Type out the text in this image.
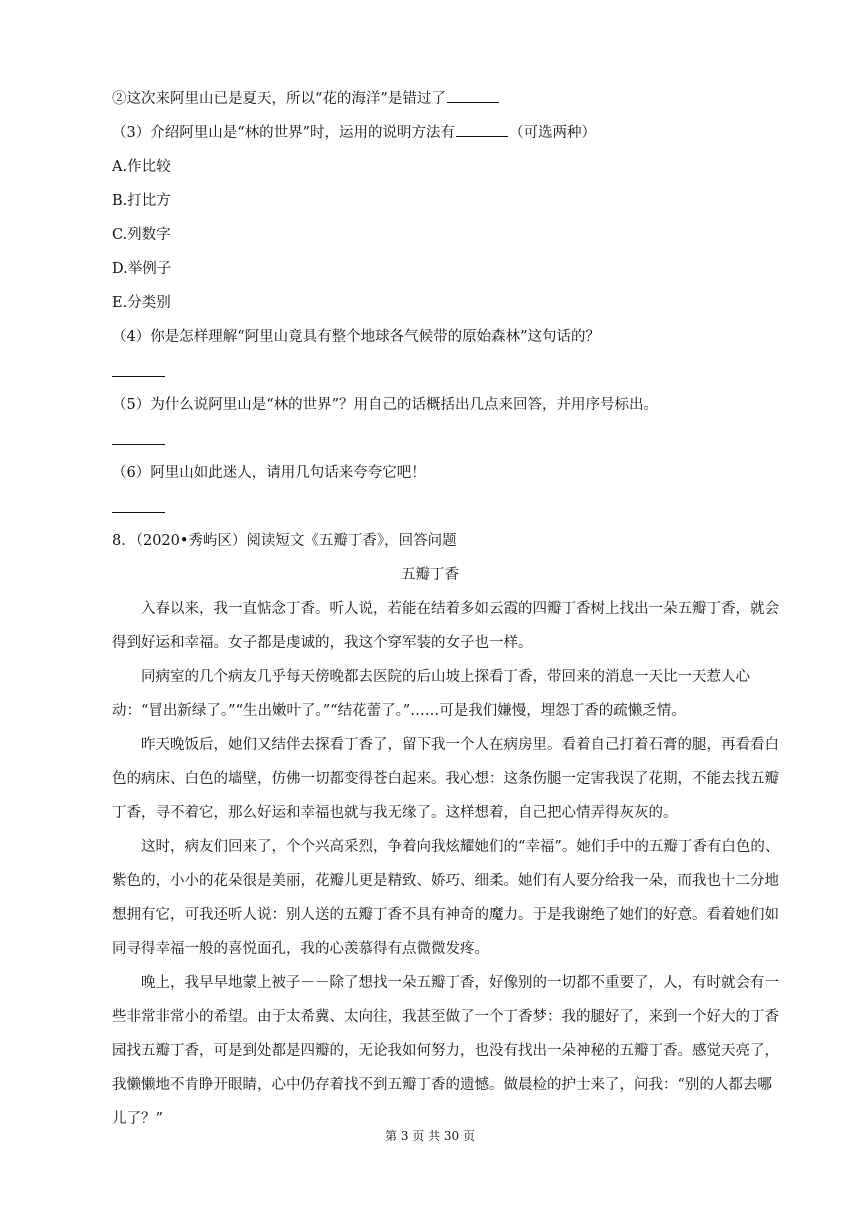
②这次来阿里山已是夏天，所以“花的海洋”是错过了
（3）介绍阿里山是“林的世界”时，运用的说明方法有	（可选两种）
A.作比较
B.打比方
C.列数字
D.举例子
E.分类别
（4）你是怎样理解“阿里山竟具有整个地球各气候带的原始森林”这句话的？
（5）为什么说阿里山是“林的世界”？用自己的话概括出几点来回答，并用序号标出。
（6）阿里山如此迷人，请用几句话来夸夸它吧！
8．（2020•秀屿区）阅读短文《五瓣丁香》，回答问题
五瓣丁香
入春以来，我一直惦念丁香。听人说，若能在结着多如云霞的四瓣丁香树上找出一朵五瓣丁香，就会得到好运和幸福。女子都是虔诚的，我这个穿军装的女子也一样。
同病室的几个病友几乎每天傍晚都去医院的后山坡上探看丁香，带回来的消息一天比一天惹人心动：“冒出新绿了。”“生出嫩叶了。”“结花蕾了。”……可是我们嫌慢，埋怨丁香的疏懒乏情。
昨天晚饭后，她们又结伴去探看丁香了，留下我一个人在病房里。看着自己打着石膏的腿，再看看白色的病床、白色的墙壁，仿佛一切都变得苍白起来。我心想：这条伤腿一定害我误了花期，不能去找五瓣丁香，寻不着它，那么好运和幸福也就与我无缘了。这样想着，自己把心情弄得灰灰的。
这时，病友们回来了，个个兴高采烈，争着向我炫耀她们的“幸福”。她们手中的五瓣丁香有白色的、紫色的，小小的花朵很是美丽，花瓣儿更是精致、娇巧、细柔。她们有人要分给我一朵，而我也十二分地想拥有它，可我还听人说：别人送的五瓣丁香不具有神奇的魔力。于是我谢绝了她们的好意。看着她们如同寻得幸福一般的喜悦面孔，我的心羡慕得有点微微发疼。
晚上，我早早地蒙上被子－－除了想找一朵五瓣丁香，好像别的一切都不重要了，人，有时就会有一些非常非常小的希望。由于太希冀、太向往，我甚至做了一个丁香梦：我的腿好了，来到一个好大的丁香园找五瓣丁香，可是到处都是四瓣的，无论我如何努力，也没有找出一朵神秘的五瓣丁香。感觉天亮了，我懒懒地不肯睁开眼睛，心中仍存着找不到五瓣丁香的遗憾。做晨检的护士来了，问我：“别的人都去哪儿了？”
第 3 页 共 30 页
